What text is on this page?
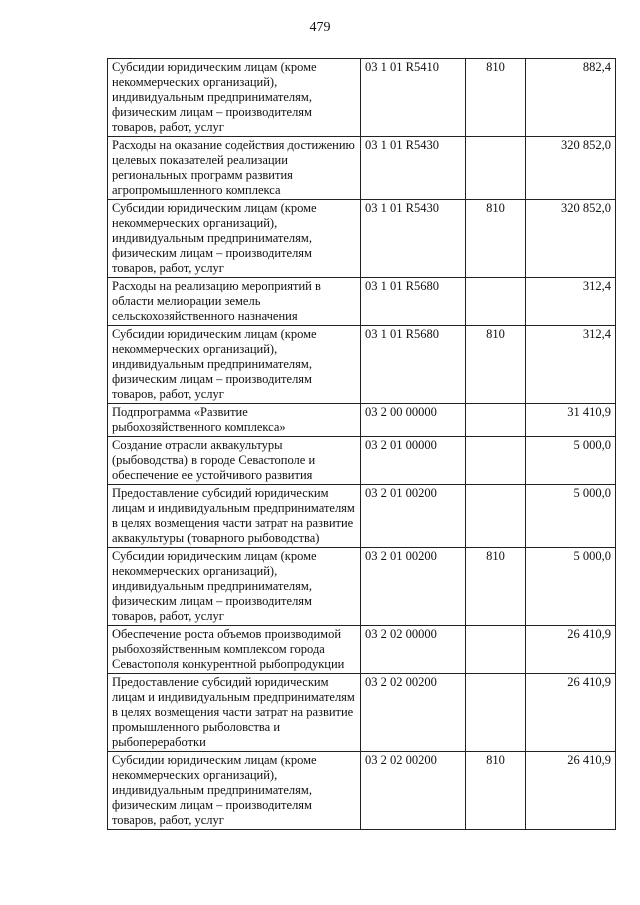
479
Субсидии юридическим лицам (кроме некоммерческих организаций), индивидуальным предпринимателям, физическим лицам – производителям товаров, работ, услуг	03 1 01 R5410	810	882,4
Расходы на оказание содействия достижению целевых показателей реализации региональных программ развития агропромышленного комплекса	03 1 01 R5430		320 852,0
Субсидии юридическим лицам (кроме некоммерческих организаций), индивидуальным предпринимателям, физическим лицам – производителям товаров, работ, услуг	03 1 01 R5430	810	320 852,0
Расходы на реализацию мероприятий в области мелиорации земель сельскохозяйственного назначения	03 1 01 R5680		312,4
Субсидии юридическим лицам (кроме некоммерческих организаций), индивидуальным предпринимателям, физическим лицам – производителям товаров, работ, услуг	03 1 01 R5680	810	312,4
Подпрограмма «Развитие рыбохозяйственного комплекса»	03 2 00 00000		31 410,9
Создание отрасли аквакультуры (рыбоводства) в городе Севастополе и обеспечение ее устойчивого развития	03 2 01 00000		5 000,0
Предоставление субсидий юридическим лицам и индивидуальным предпринимателям в целях возмещения части затрат на развитие аквакультуры (товарного рыбоводства)	03 2 01 00200		5 000,0
Субсидии юридическим лицам (кроме некоммерческих организаций), индивидуальным предпринимателям, физическим лицам – производителям товаров, работ, услуг	03 2 01 00200	810	5 000,0
Обеспечение роста объемов производимой рыбохозяйственным комплексом города Севастополя конкурентной рыбопродукции	03 2 02 00000		26 410,9
Предоставление субсидий юридическим лицам и индивидуальным предпринимателям в целях возмещения части затрат на развитие промышленного рыболовства и рыбопереработки	03 2 02 00200		26 410,9
Субсидии юридическим лицам (кроме некоммерческих организаций), индивидуальным предпринимателям, физическим лицам – производителям товаров, работ, услуг	03 2 02 00200	810	26 410,9
